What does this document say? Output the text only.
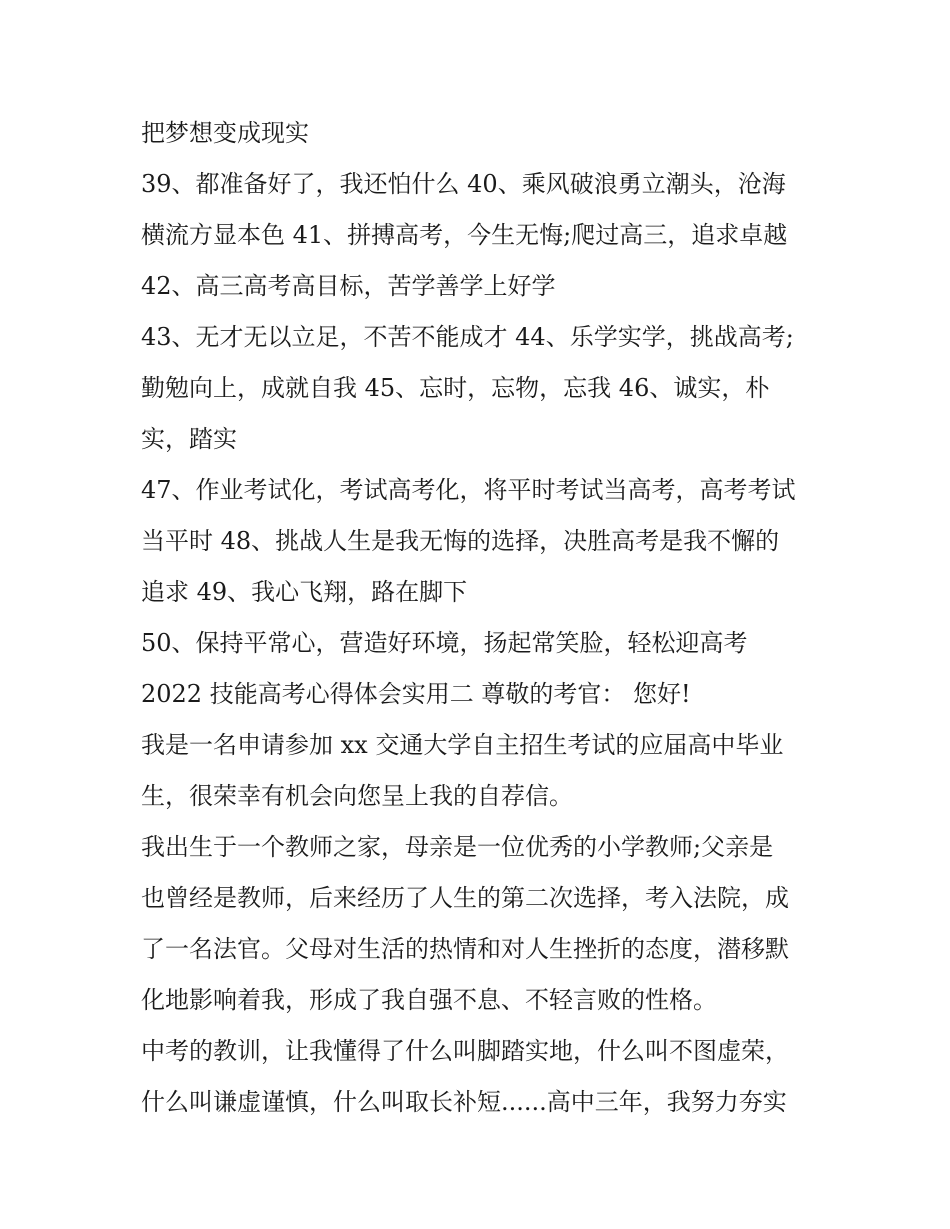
把梦想变成现实
39、都准备好了，我还怕什么 40、乘风破浪勇立潮头，沧海
横流方显本色 41、拼搏高考，今生无悔;爬过高三，追求卓越
42、高三高考高目标，苦学善学上好学
43、无才无以立足，不苦不能成才 44、乐学实学，挑战高考;
勤勉向上，成就自我 45、忘时，忘物，忘我 46、诚实，朴
实，踏实
47、作业考试化，考试高考化，将平时考试当高考，高考考试
当平时 48、挑战人生是我无悔的选择，决胜高考是我不懈的
追求 49、我心飞翔，路在脚下
50、保持平常心，营造好环境，扬起常笑脸，轻松迎高考
2022 技能高考心得体会实用二 尊敬的考官： 您好!
我是一名申请参加 xx 交通大学自主招生考试的应届高中毕业
生，很荣幸有机会向您呈上我的自荐信。
我出生于一个教师之家，母亲是一位优秀的小学教师;父亲是
也曾经是教师，后来经历了人生的第二次选择，考入法院，成
了一名法官。父母对生活的热情和对人生挫折的态度，潜移默
化地影响着我，形成了我自强不息、不轻言败的性格。
中考的教训，让我懂得了什么叫脚踏实地，什么叫不图虚荣，
什么叫谦虚谨慎，什么叫取长补短......高中三年，我努力夯实
